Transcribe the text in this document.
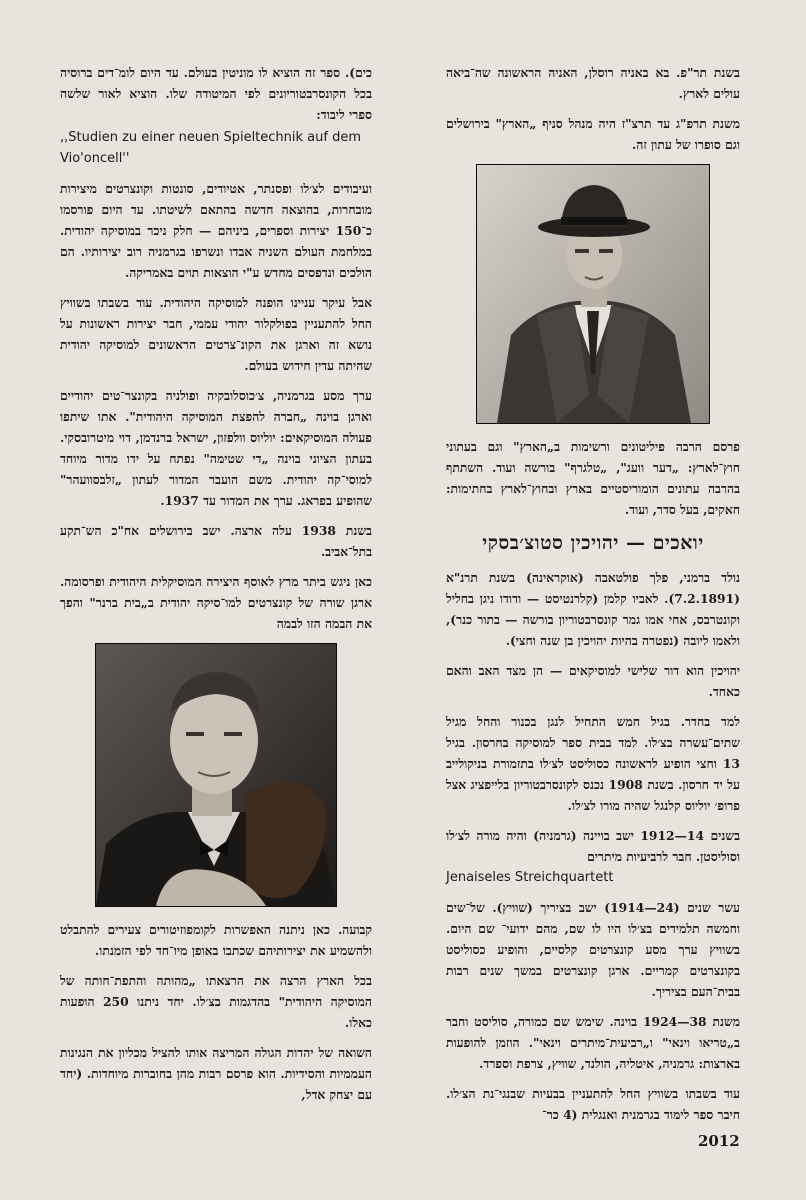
בשנת תר"פ. בא באניה רוסלן, האניה הראשונה שה־ביאה עולים לארץ.

משנת תרפ"ג עד תרצ"ז היה מנהל סניף „הארץ" בירושלים וגם סופרו של עתון זה.

פרסם הרבה פיליטונים ורשימות ב„הארץ" וגם בעתוני חוץ־לארץ: „דער וועג", „טלגרף" בורשה ועוד. השתתף בהרבה עתונים הומוריסטיים בארץ ובחוץ־לארץ בחתימות: חאקים, בעל סדר, ועוד.

יואכים — יהויכין סטוצ׳בסקי

נולד ברמני, פלך פולטאבה (אוקראינה) בשנת תרנ"א (7.2.1891). לאביו קלמן (קלרנטיסט — ודודו ניגן בחליל וקונטרבס, אחי אמו גמר קונסרבטוריון בורשה — בתור כנר), ולאמו ליובה (נפטרה בהיות יהויכין בן שנה וחצי).

יהויכין הוא דור שלישי למוסיקאים — הן מצד האב והאם כאחד.

למד בחדר. בגיל חמש התחיל לנגן בכנור והחל מגיל שתים־עשרה בצ׳לו. למד בבית ספר למוסיקה בחרסון. בגיל 13 וחצי הופיע לראשונה כסוליסט לצ׳לו בתזמורת בניקולייב על יד חרסון. בשנת 1908 נכנס לקונסרבטוריון בלייפציג אצל פרופ׳ יוליוס קלנגל שהיה מורו לצ׳לו.

בשנים 14—1912 ישב בויינה (גרמניה) והיה מורה לצ׳לו וסוליסטן. חבר לרביעיות מיתרים

Jenaiseles Streichquartett

עשר שנים (24—1914) ישב בציריך (שוויץ). של־שים וחמשה תלמידים בצ׳לו היו לו שם, מהם ידועי־ שם היום. בשוויץ ערך מסע קונצרטים קלסיים, והופיע כסוליסט בקונצרטים קמריים. ארגן קונצרטים במשך שנים רבות בבית־העם בציריך.

משנת 38—1924 בוינה. שימש שם כמורה, סוליסט וחבר ב„טריאו וינאי" ו„רביעית־מיתרים וינאי". הוזמן להופעות בארצות: גרמניה, איטליה, הולנד, שוויץ, צרפת וספרד.

עוד בשבתו בשוויץ החל להתעניין בבעיות שבנגי־נת הצ׳לו. חיבר ספר לימוד בגרמנית ואנגלית (4 כר־

כים). ספר זה הוציא לו מוניטין בעולם. עד היום לומ־דים ברוסיה בכל הקונסרבטוריונים לפי המיטודה שלו. הוציא לאור שלשה ספרי ליבוד:

,,Studien zu einer neuen Spieltechnik auf dem Vio'oncell''

ועיבודים לצ׳לו ופסנתר, אטיודים, סונטות וקונצרטים מיצירות מובחרות, בהוצאה חדשה בהתאם לשיטתו. עד היום פורסמו כ־150 יצירות וספרים, ביניהם — חלק ניכר במוסיקה יהודית. במלחמת העולם השניה אבדו ונשרפו בגרמניה רוב יצירותיו. הם הולכים ונדפסים מחדש ע"י הוצאות תוים באמריקה.

אבל עיקר עניינו הופנה למוסיקה היהודית. עוד בשבתו בשוויץ החל להתעניין בפולקלור יהודי עממי, חבר יצירות ראשונות על נושא זה וארגן את הקונ־צרטים הראשונים למוסיקה יהודית שהיתה עדין חידוש בעולם.

ערך מסע בגרמניה, צ׳כוסלובקיה ופולניה בקונצר־טים יהודיים וארגן בוינה „חברה להפצת המוסיקה היהודית". אתו שיתפו פעולה המוסיקאים: יוליוס וולפזון, ישראל ברנדמן, דוי מיטרובסקי. בעתון הציוני בוינה „די שטימה" נפתח על ידו מדור מיוחד למוסי־קה יהודית. משם הועבר המדור לעתון „זלבסוועהר" שהופיע בפראג. ערך את המדור עד 1937.

בשנת 1938 עלה ארצה. ישב בירושלים אח"כ הש־תקע בתל־אביב.

כאן ניגש ביתר מרץ לאוסף היצירה המוסיקלית היהודית ופרסומה. ארגן שורה של קונצרטים למו־סיקה יהודית ב„בית ברנר" והפך את הבמה הזו לבמה

קבועה. כאן ניתנה האפשרות לקומפוזיטורים צעירים להתבלט ולהשמיע את יצירותיהם שכתבו באופן מיו־חד לפי הזמנתו.

בכל הארץ הרצה את הרצאתו „מהותה והתפת־חותה של המוסיקה היהודית" בהדגמות בצ׳לו. יחד ניתנו 250 הופעות כאלו.

השואה של יהדות הגולה המריצה אותו להציל מכליון את הנגינות העממיות והסידיות. הוא פרסם רבות מהן בחוברות מיוחדות. (יחד עם יצחק אדל,

2012
